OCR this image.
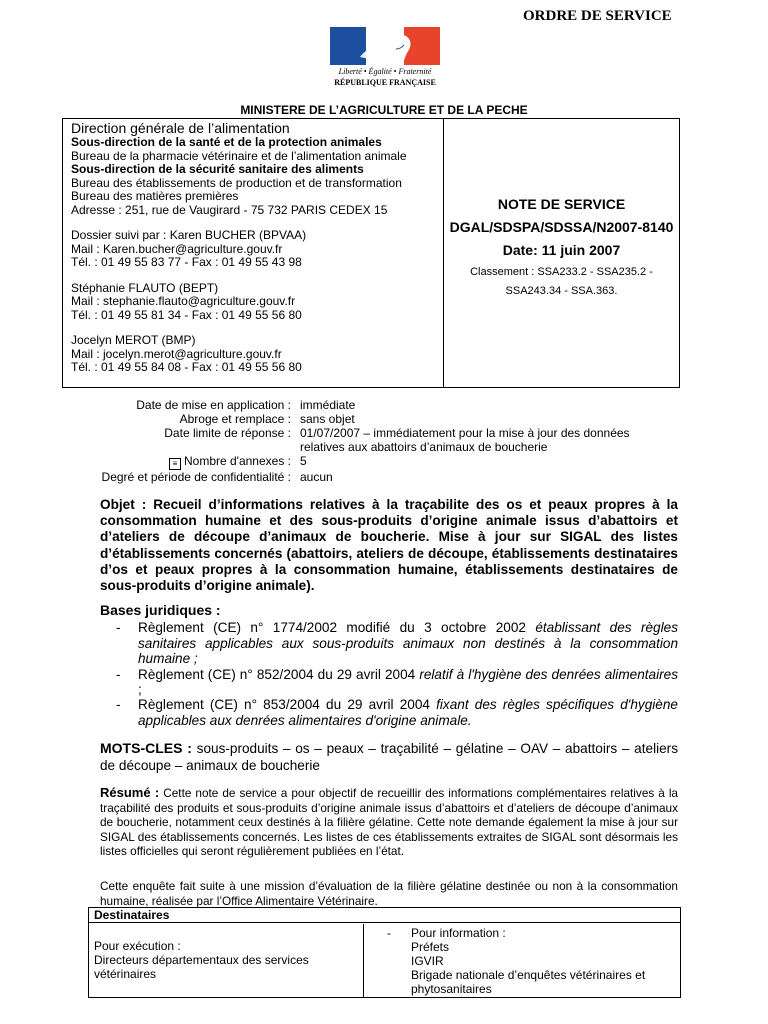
ORDRE DE SERVICE
Liberté • Égalité • Fraternité
RÉPUBLIQUE FRANÇAISE
MINISTERE DE L’AGRICULTURE ET DE LA PECHE
Direction générale de l’alimentation
Sous-direction de la santé et de la protection animales
Bureau de la pharmacie vétérinaire et de l’alimentation animale
Sous-direction de la sécurité sanitaire des aliments
Bureau des établissements de production et de transformation
Bureau des matières premières
Adresse : 251, rue de Vaugirard - 75 732 PARIS CEDEX 15
Dossier suivi par : Karen BUCHER (BPVAA)
Mail : Karen.bucher@agriculture.gouv.fr
Tél. : 01 49 55 83 77 - Fax : 01 49 55 43 98
Stéphanie FLAUTO (BEPT)
Mail : stephanie.flauto@agriculture.gouv.fr
Tél. : 01 49 55 81 34 - Fax : 01 49 55 56 80
Jocelyn MEROT (BMP)
Mail : jocelyn.merot@agriculture.gouv.fr
Tél. : 01 49 55 84 08 - Fax : 01 49 55 56 80
NOTE DE SERVICE
DGAL/SDSPA/SDSSA/N2007-8140
Date: 11 juin 2007
Classement : SSA233.2 - SSA235.2 -
SSA243.34 - SSA.363.
Date de mise en application : immédiate
Abroge et remplace : sans objet
Date limite de réponse : 01/07/2007 – immédiatement pour la mise à jour des données
relatives aux abattoirs d’animaux de boucherie
≡ Nombre d'annexes : 5
Degré et période de confidentialité : aucun

Objet : Recueil d’informations relatives à la traçabilite des os et peaux propres à la consommation humaine et des sous-produits d’origine animale issus d’abattoirs et d’ateliers de découpe d’animaux de boucherie. Mise à jour sur SIGAL des listes d’établissements concernés (abattoirs, ateliers de découpe, établissements destinataires d’os et peaux propres à la consommation humaine, établissements destinataires de sous-produits d’origine animale).

Bases juridiques :
- Règlement (CE) n° 1774/2002 modifié du 3 octobre 2002 établissant des règles sanitaires applicables aux sous-produits animaux non destinés à la consommation humaine ;
- Règlement (CE) n° 852/2004 du 29 avril 2004 relatif à l'hygiène des denrées alimentaires ;
- Règlement (CE) n° 853/2004 du 29 avril 2004 fixant des règles spécifiques d'hygiène applicables aux denrées alimentaires d'origine animale.
MOTS-CLES : sous-produits – os – peaux – traçabilité – gélatine – OAV – abattoirs – ateliers de découpe – animaux de boucherie
Résumé : Cette note de service a pour objectif de recueillir des informations complémentaires relatives à la traçabilité des produits et sous-produits d’origine animale issus d’abattoirs et d’ateliers de découpe d’animaux de boucherie, notamment ceux destinés à la filière gélatine. Cette note demande également la mise à jour sur SIGAL des établissements concernés. Les listes de ces établissements extraites de SIGAL sont désormais les listes officielles qui seront régulièrement publiées en l’état.
Cette enquête fait suite à une mission d’évaluation de la filière gélatine destinée ou non à la consommation humaine, réalisée par l’Office Alimentaire Vétérinaire.
Destinataires
Pour exécution :
Directeurs départementaux des services
vétérinaires
- Pour information :
Préfets
IGVIR
Brigade nationale d’enquêtes vétérinaires et
phytosanitaires
